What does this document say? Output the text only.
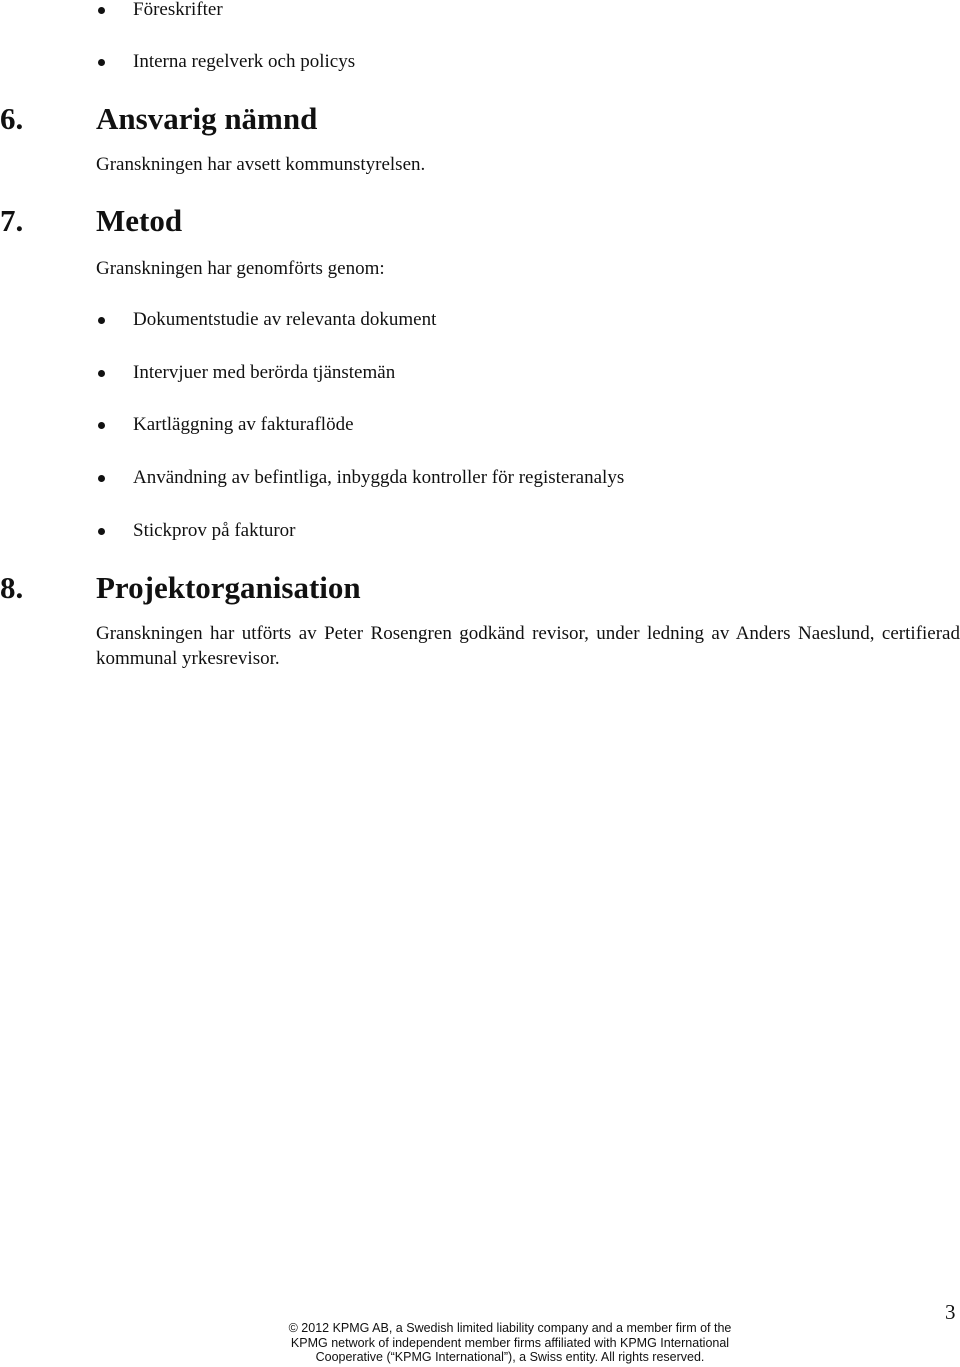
Föreskrifter
Interna regelverk och policys
6. Ansvarig nämnd
Granskningen har avsett kommunstyrelsen.
7. Metod
Granskningen har genomförts genom:
Dokumentstudie av relevanta dokument
Intervjuer med berörda tjänstemän
Kartläggning av fakturaflöde
Användning av befintliga, inbyggda kontroller för registeranalys
Stickprov på fakturor
8. Projektorganisation
Granskningen har utförts av Peter Rosengren godkänd revisor, under ledning av Anders Naeslund, certifierad kommunal yrkesrevisor.
© 2012 KPMG AB, a Swedish limited liability company and a member firm of the
KPMG network of independent member firms affiliated with KPMG International
Cooperative (“KPMG International”), a Swiss entity. All rights reserved.
3
